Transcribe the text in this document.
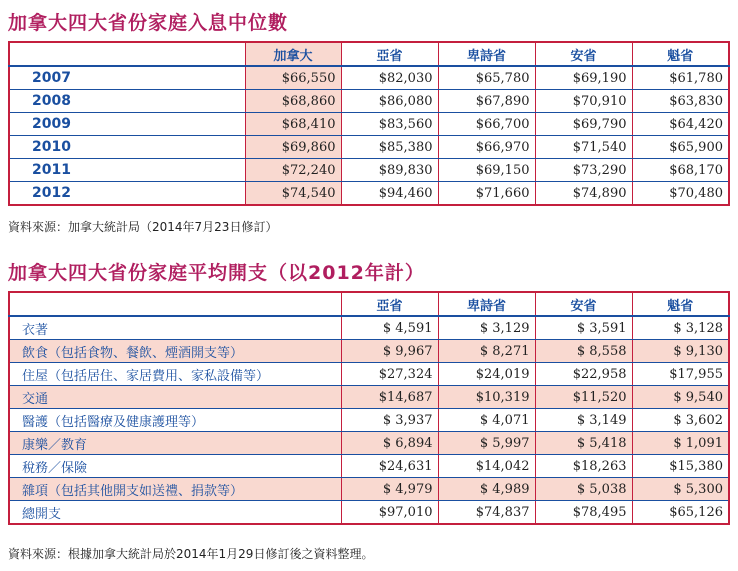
加拿大四大省份家庭入息中位數
	加拿大	亞省	卑詩省	安省	魁省
2007	$66,550	$82,030	$65,780	$69,190	$61,780
2008	$68,860	$86,080	$67,890	$70,910	$63,830
2009	$68,410	$83,560	$66,700	$69,790	$64,420
2010	$69,860	$85,380	$66,970	$71,540	$65,900
2011	$72,240	$89,830	$69,150	$73,290	$68,170
2012	$74,540	$94,460	$71,660	$74,890	$70,480
資料來源：加拿大統計局（2014年7月23日修訂）
加拿大四大省份家庭平均開支（以2012年計）
	亞省	卑詩省	安省	魁省
衣著	$ 4,591	$ 3,129	$ 3,591	$ 3,128
飲食（包括食物、餐飲、煙酒開支等）	$ 9,967	$ 8,271	$ 8,558	$ 9,130
住屋（包括居住、家居費用、家私設備等）	$27,324	$24,019	$22,958	$17,955
交通	$14,687	$10,319	$11,520	$ 9,540
醫護（包括醫療及健康護理等）	$ 3,937	$ 4,071	$ 3,149	$ 3,602
康樂／教育	$ 6,894	$ 5,997	$ 5,418	$ 1,091
稅務／保險	$24,631	$14,042	$18,263	$15,380
雜項（包括其他開支如送禮、捐款等）	$ 4,979	$ 4,989	$ 5,038	$ 5,300
總開支	$97,010	$74,837	$78,495	$65,126
資料來源：根據加拿大統計局於2014年1月29日修訂後之資料整理。
